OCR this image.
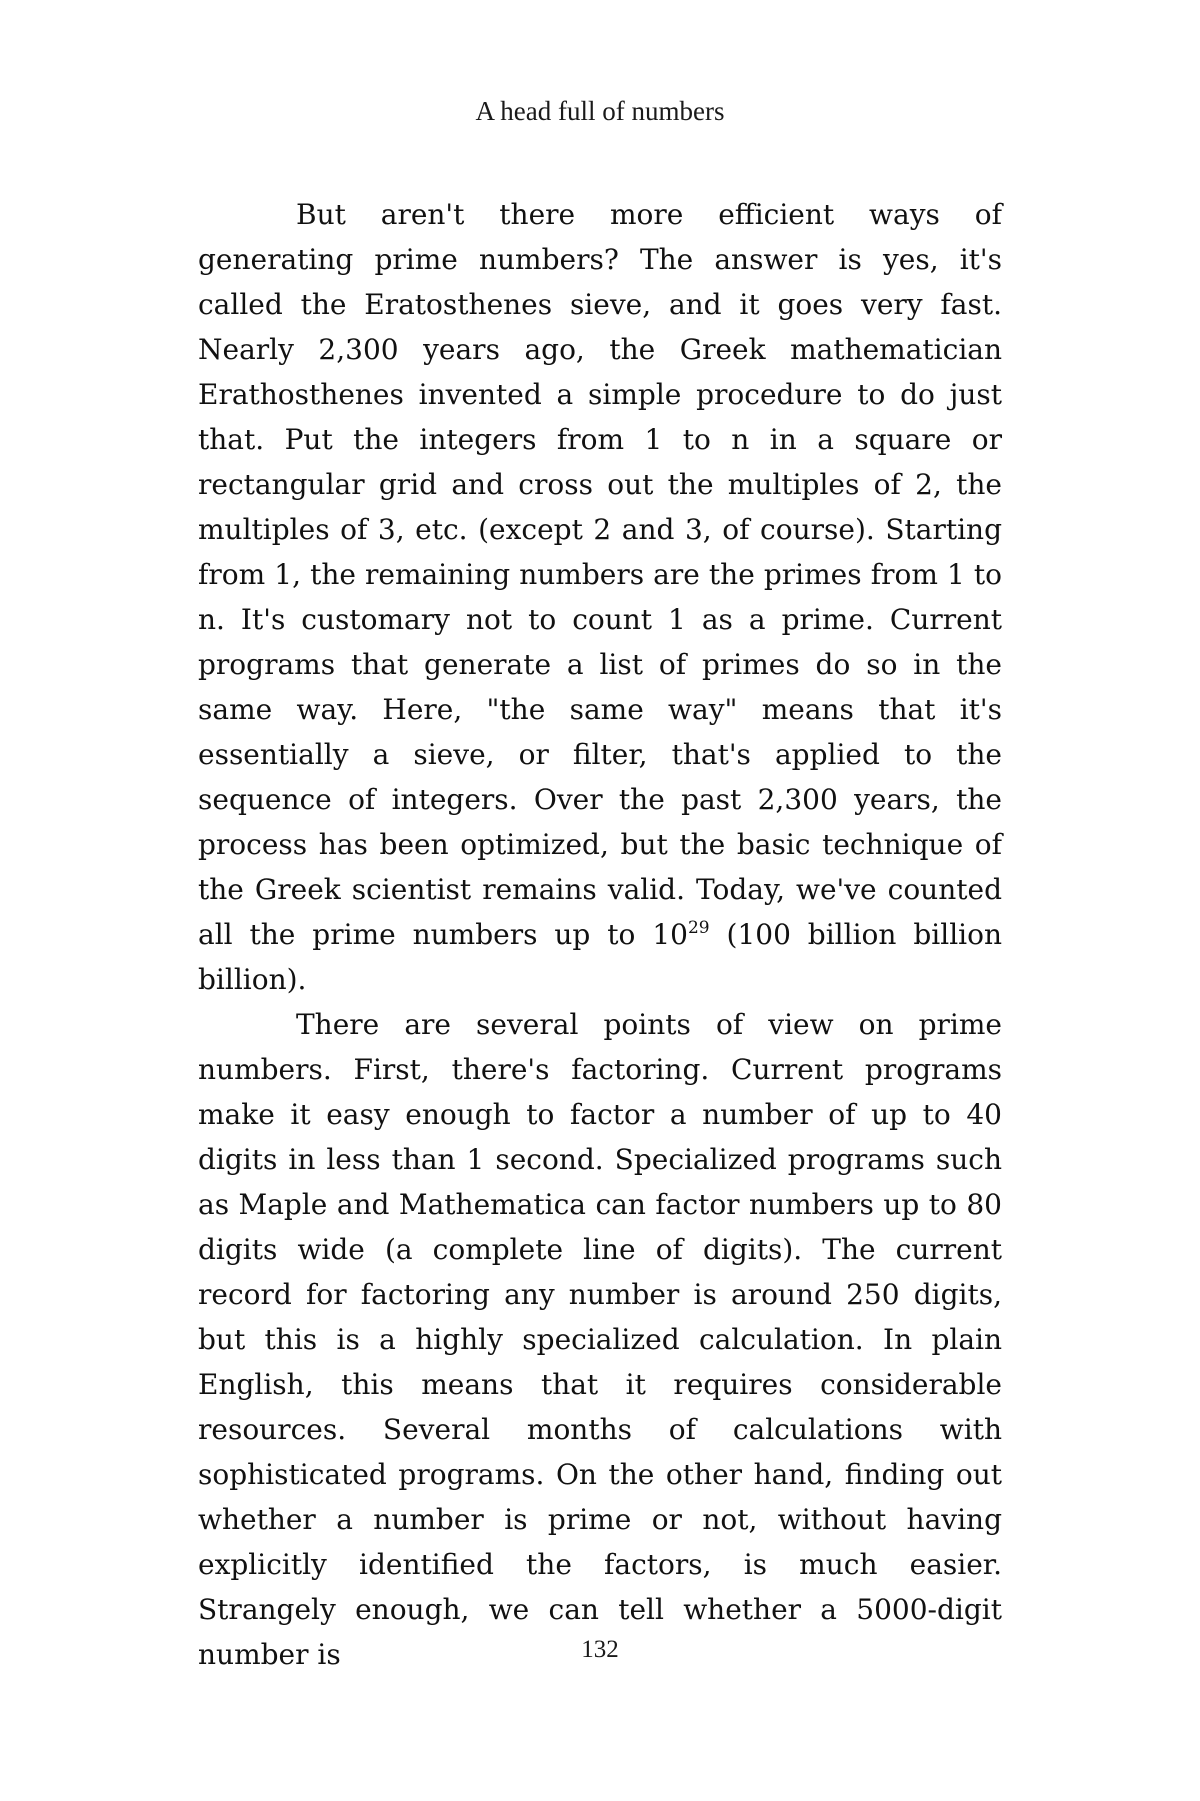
A head full of numbers

But aren't there more efficient ways of generating prime numbers? The answer is yes, it's called the Eratosthenes sieve, and it goes very fast. Nearly 2,300 years ago, the Greek mathematician Erathosthenes invented a simple procedure to do just that. Put the integers from 1 to n in a square or rectangular grid and cross out the multiples of 2, the multiples of 3, etc. (except 2 and 3, of course). Starting from 1, the remaining numbers are the primes from 1 to n. It's customary not to count 1 as a prime. Current programs that generate a list of primes do so in the same way. Here, "the same way" means that it's essentially a sieve, or filter, that's applied to the sequence of integers. Over the past 2,300 years, the process has been optimized, but the basic technique of the Greek scientist remains valid. Today, we've counted all the prime numbers up to $10^{29}$ (100 billion billion billion).

There are several points of view on prime numbers. First, there's factoring. Current programs make it easy enough to factor a number of up to 40 digits in less than 1 second. Specialized programs such as Maple and Mathematica can factor numbers up to 80 digits wide (a complete line of digits). The current record for factoring any number is around 250 digits, but this is a highly specialized calculation. In plain English, this means that it requires considerable resources. Several months of calculations with sophisticated programs. On the other hand, finding out whether a number is prime or not, without having explicitly identified the factors, is much easier. Strangely enough, we can tell whether a 5000-digit number is	132
